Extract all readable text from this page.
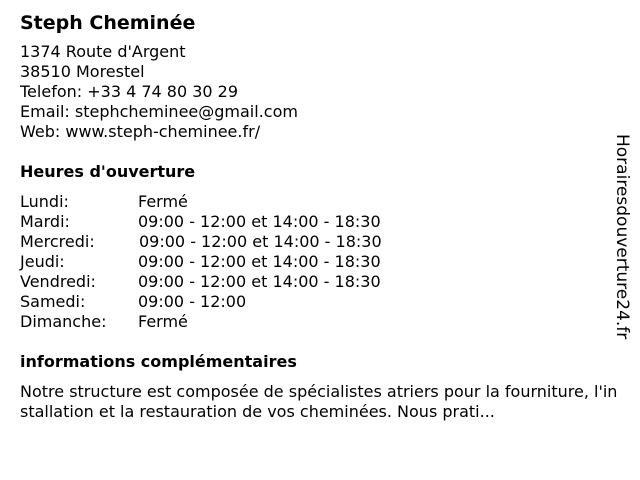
Steph Cheminée
1374 Route d'Argent
38510 Morestel
Telefon: +33 4 74 80 30 29
Email: stephcheminee@gmail.com
Web: www.steph-cheminee.fr/
Heures d'ouverture
Lundi:	Fermé
Mardi:	09:00 - 12:00 et 14:00 - 18:30
Mercredi:	09:00 - 12:00 et 14:00 - 18:30
Jeudi:	09:00 - 12:00 et 14:00 - 18:30
Vendredi:	09:00 - 12:00 et 14:00 - 18:30
Samedi:	09:00 - 12:00
Dimanche:	Fermé
informations complémentaires
Notre structure est composée de spécialistes atriers pour la fourniture, l'installation et la restauration de vos cheminées. Nous prati...
Horairesdouverture24.fr
